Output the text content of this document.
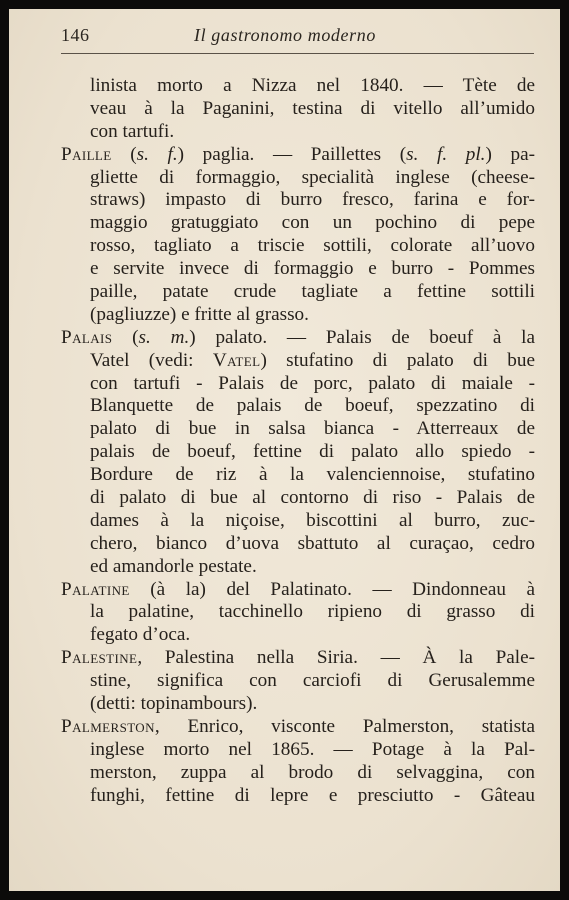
146	Il gastronomo moderno
linista morto a Nizza nel 1840. — Tète de
veau à la Paganini, testina di vitello all’umido
con tartufi.
Paille (s. f.) paglia. — Paillettes (s. f. pl.) pa-
gliette di formaggio, specialità inglese (cheese-
straws) impasto di burro fresco, farina e for-
maggio gratuggiato con un pochino di pepe
rosso, tagliato a triscie sottili, colorate all’uovo
e servite invece di formaggio e burro - Pommes
paille, patate crude tagliate a fettine sottili
(pagliuzze) e fritte al grasso.
Palais (s. m.) palato. — Palais de boeuf à la
Vatel (vedi: Vatel) stufatino di palato di bue
con tartufi - Palais de porc, palato di maiale -
Blanquette de palais de boeuf, spezzatino di
palato di bue in salsa bianca - Atterreaux de
palais de boeuf, fettine di palato allo spiedo -
Bordure de riz à la valenciennoise, stufatino
di palato di bue al contorno di riso - Palais de
dames à la niçoise, biscottini al burro, zuc-
chero, bianco d’uova sbattuto al curaçao, cedro
ed amandorle pestate.
Palatine (à la) del Palatinato. — Dindonneau à
la palatine, tacchinello ripieno di grasso di
fegato d’oca.
Palestine, Palestina nella Siria. — À la Pale-
stine, significa con carciofi di Gerusalemme
(detti: topinambours).
Palmerston, Enrico, visconte Palmerston, statista
inglese morto nel 1865. — Potage à la Pal-
merston, zuppa al brodo di selvaggina, con
funghi, fettine di lepre e presciutto - Gâteau
